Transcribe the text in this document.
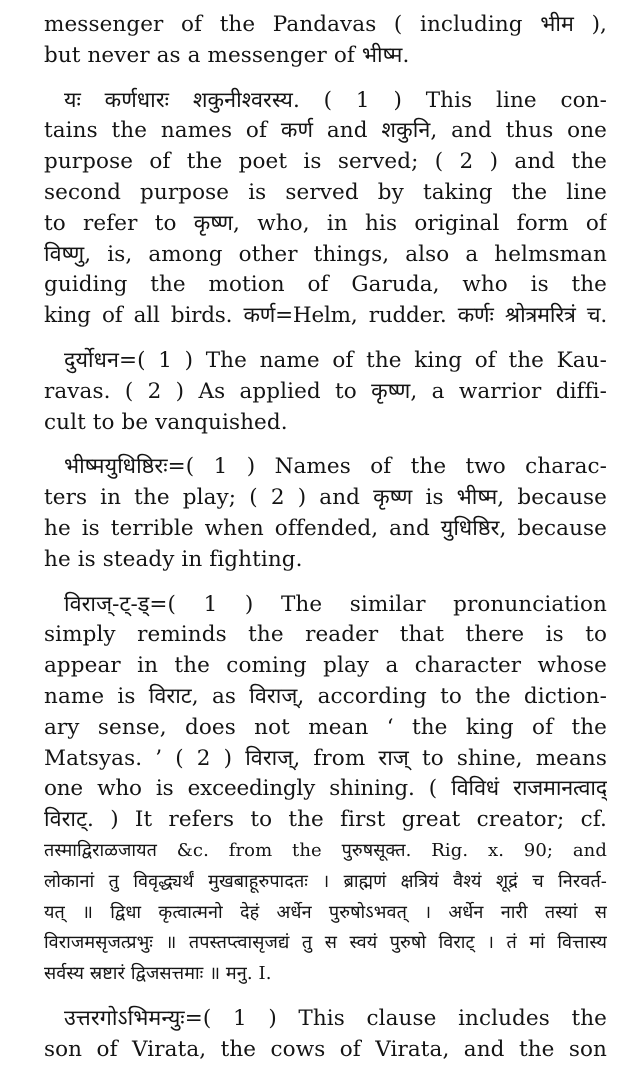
messenger of the Pandavas ( including भीम ),
but never as a messenger of भीष्म.
यः कर्णधारः शकुनीश्वरस्य. ( 1 ) This line con-
tains the names of कर्ण and शकुनि, and thus one
purpose of the poet is served; ( 2 ) and the
second purpose is served by taking the line
to refer to कृष्ण, who, in his original form of
विष्णु, is, among other things, also a helmsman
guiding the motion of Garuda, who is the
king of all birds. कर्ण=Helm, rudder. कर्णः श्रोत्रमरित्रं च.
दुर्योधन=( 1 ) The name of the king of the Kau-
ravas. ( 2 ) As applied to कृष्ण, a warrior diffi-
cult to be vanquished.
भीष्मयुधिष्ठिरः=( 1 ) Names of the two charac-
ters in the play; ( 2 ) and कृष्ण is भीष्म, because
he is terrible when offended, and युधिष्ठिर, because
he is steady in fighting.
विराज्-ट्-ड्=( 1 ) The similar pronunciation
simply reminds the reader that there is to
appear in the coming play a character whose
name is विराट, as विराज्, according to the diction-
ary sense, does not mean ‘ the king of the
Matsyas. ’ ( 2 ) विराज्, from राज् to shine, means
one who is exceedingly shining. ( विविधं राजमानत्वाद्
विराट्. ) It refers to the first great creator; cf.
तस्माद्विराळजायत &c. from the पुरुषसूक्त. Rig. x. 90; and
लोकानां तु विवृद्ध्यर्थं मुखबाहूरुपादतः । ब्राह्मणं क्षत्रियं वैश्यं शूद्रं च निरवर्त-
यत् ॥ द्विधा कृत्वात्मनो देहं अर्धेन पुरुषोऽभवत् । अर्धेन नारी तस्यां स
विराजमसृजत्प्रभुः ॥ तपस्तप्त्वासृजद्यं तु स स्वयं पुरुषो विराट् । तं मां वित्तास्य
सर्वस्य स्रष्टारं द्विजसत्तमाः ॥ मनु. I.
उत्तरगोऽभिमन्युः=( 1 ) This clause includes the
son of Virata, the cows of Virata, and the son
